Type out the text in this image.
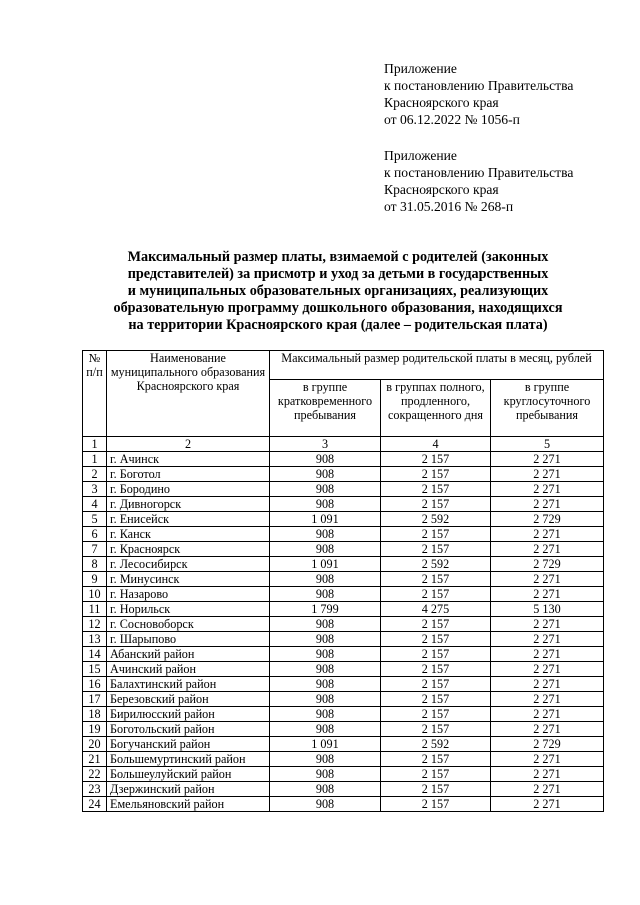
Приложение
к постановлению Правительства
Красноярского края
от 06.12.2022 № 1056-п
Приложение
к постановлению Правительства
Красноярского края
от 31.05.2016 № 268-п
Максимальный размер платы, взимаемой с родителей (законных
представителей) за присмотр и уход за детьми в государственных
и муниципальных образовательных организациях, реализующих
образовательную программу дошкольного образования, находящихся
на территории Красноярского края (далее – родительская плата)
№ п/п	Наименование муниципального образования Красноярского края	Максимальный размер родительской платы в месяц, рублей		
		в группе кратковременного пребывания	в группах полного, продленного, сокращенного дня	в группе круглосуточного пребывания
1	2	3	4	5
1	г. Ачинск	908	2 157	2 271
2	г. Боготол	908	2 157	2 271
3	г. Бородино	908	2 157	2 271
4	г. Дивногорск	908	2 157	2 271
5	г. Енисейск	1 091	2 592	2 729
6	г. Канск	908	2 157	2 271
7	г. Красноярск	908	2 157	2 271
8	г. Лесосибирск	1 091	2 592	2 729
9	г. Минусинск	908	2 157	2 271
10	г. Назарово	908	2 157	2 271
11	г. Норильск	1 799	4 275	5 130
12	г. Сосновоборск	908	2 157	2 271
13	г. Шарыпово	908	2 157	2 271
14	Абанский район	908	2 157	2 271
15	Ачинский район	908	2 157	2 271
16	Балахтинский район	908	2 157	2 271
17	Березовский район	908	2 157	2 271
18	Бирилюсский район	908	2 157	2 271
19	Боготольский район	908	2 157	2 271
20	Богучанский район	1 091	2 592	2 729
21	Большемуртинский район	908	2 157	2 271
22	Большеулуйский район	908	2 157	2 271
23	Дзержинский район	908	2 157	2 271
24	Емельяновский район	908	2 157	2 271
